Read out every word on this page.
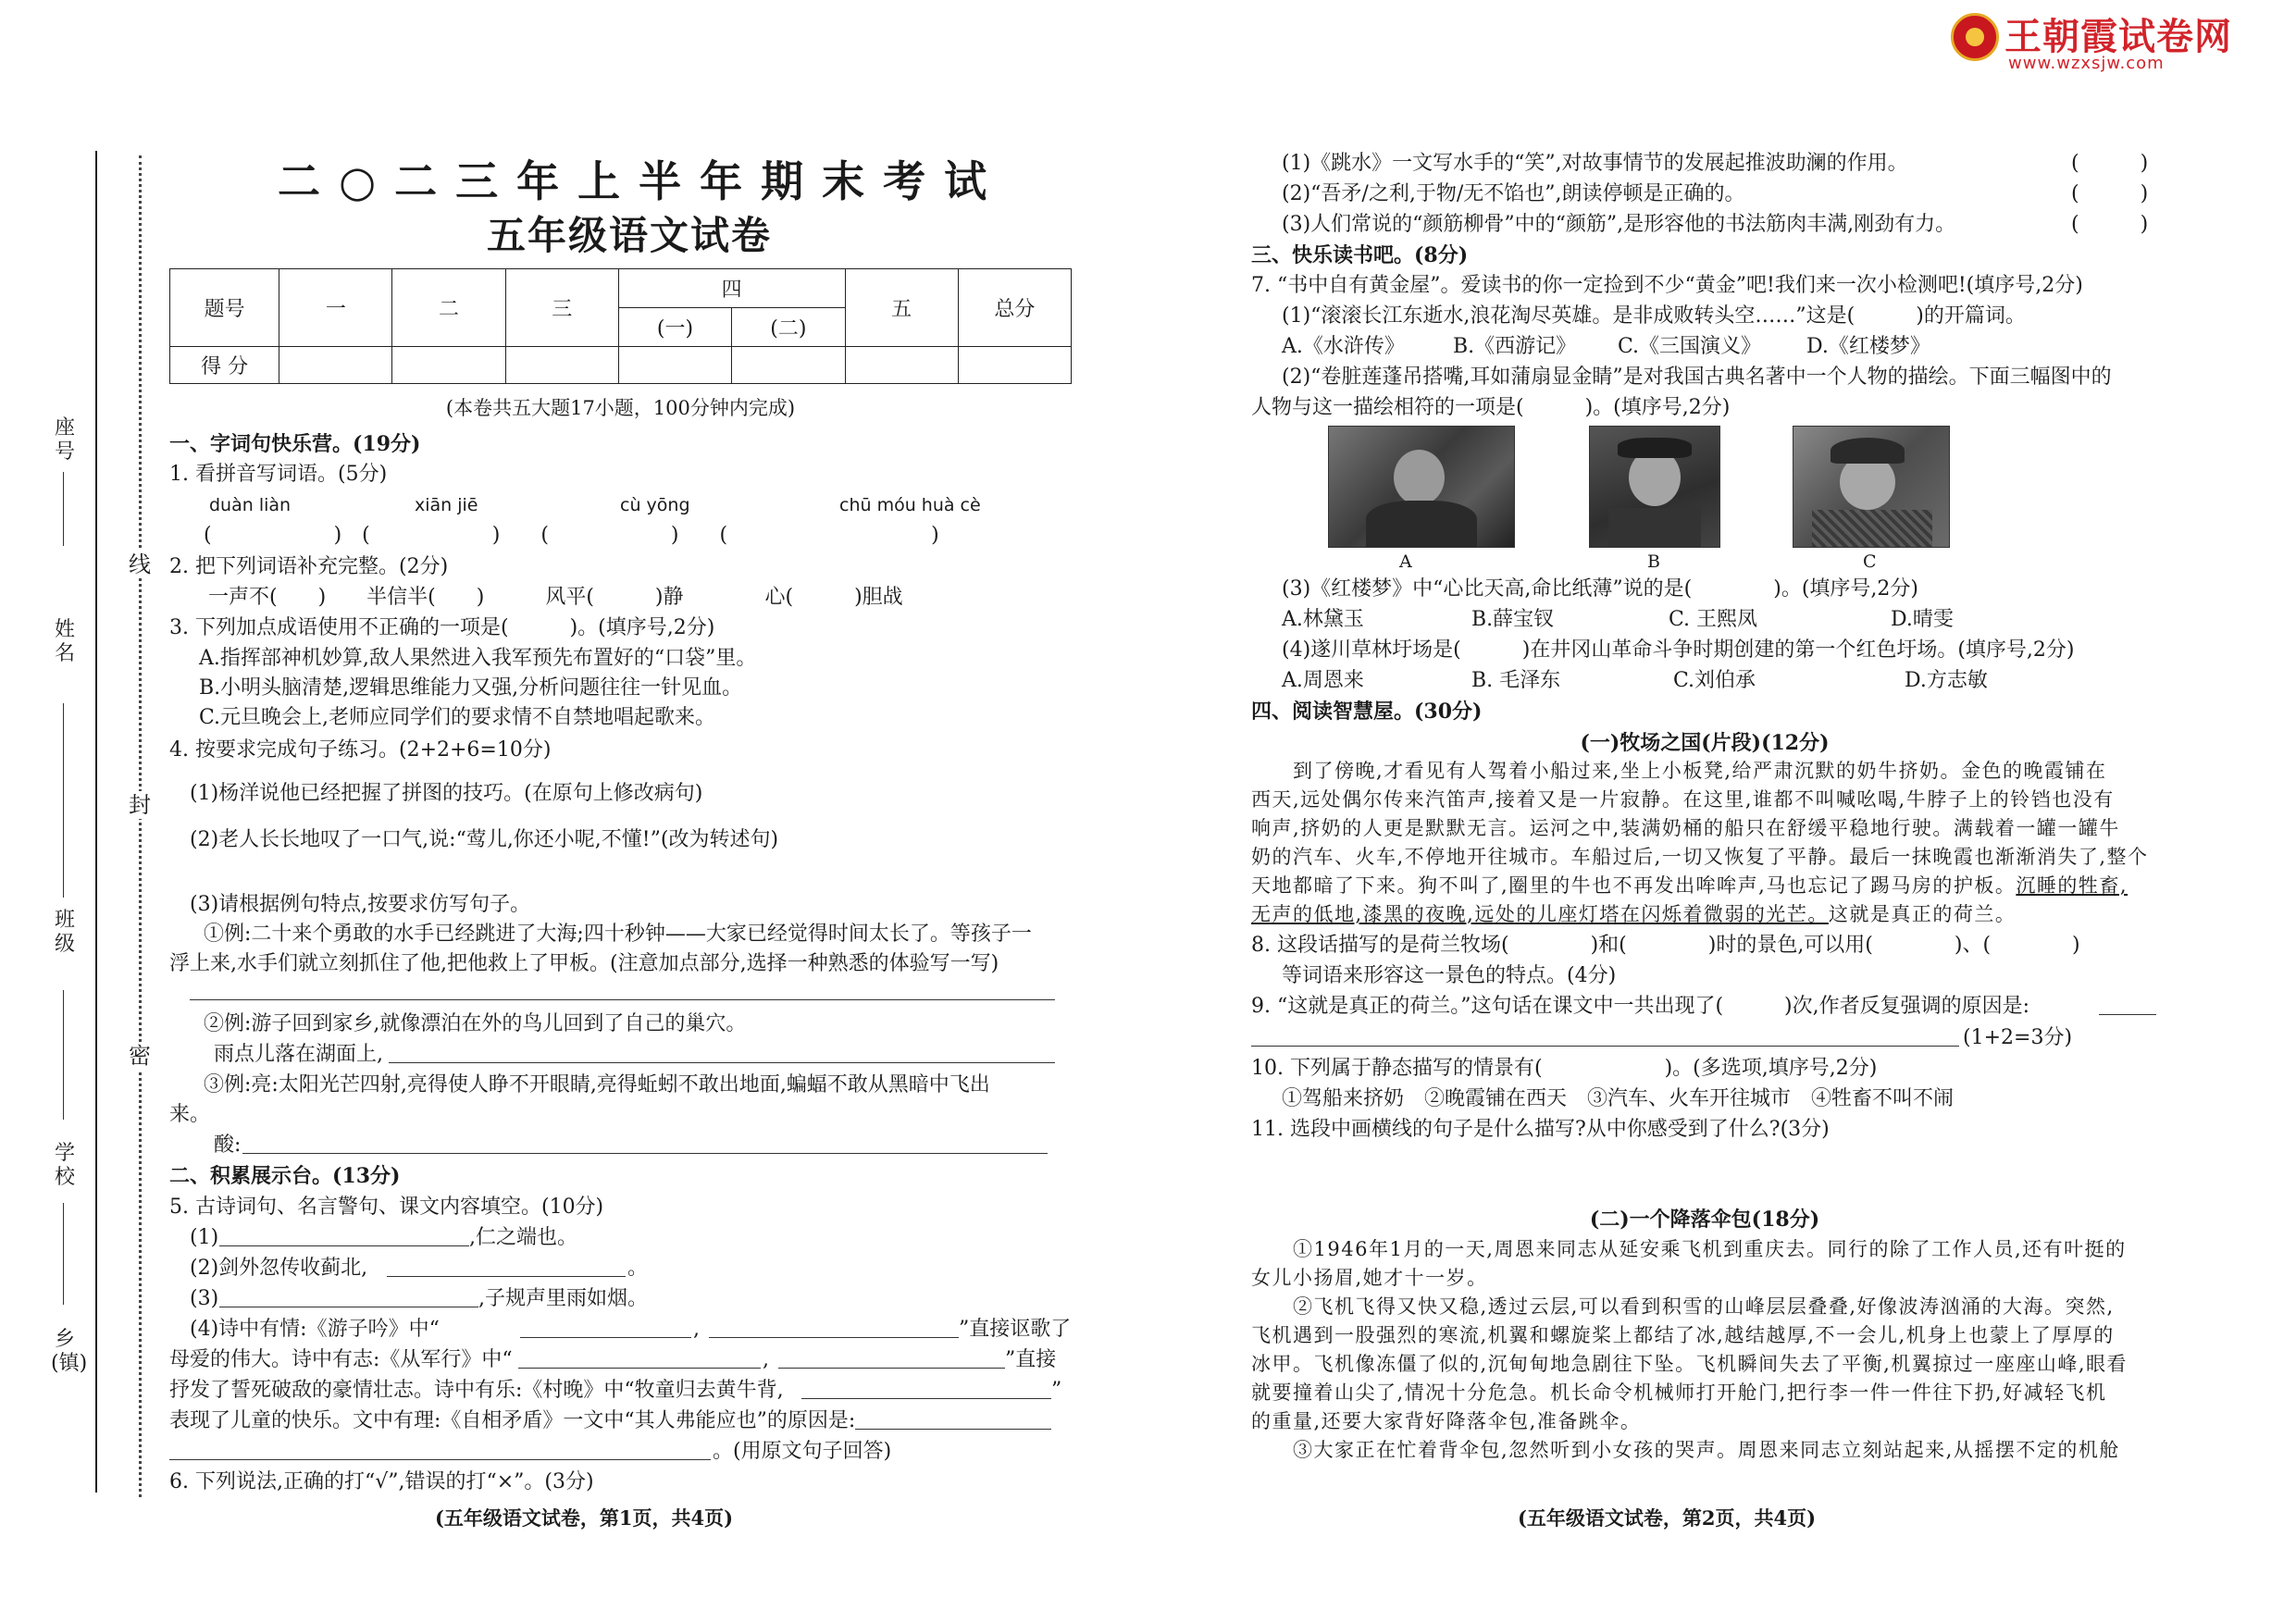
王朝霞试卷网
www.wzxsjw.com
座号
姓名
班级
学校
乡(镇)
线
封
密
二○二三年上半年期末考试
五年级语文试卷
题号	一	二	三	四		五	总分
				(一)	(二)		
得 分							
(本卷共五大题17小题，100分钟内完成)
一、字词句快乐营。(19分)
1. 看拼音写词语。(5分)
duàn liàn	xiān jiē	cù yōng	chū móu huà cè
(　　　　　　)　(　　　　　　)　　(　　　　　　)　　(　　　　　　　　　　)
2. 把下列词语补充完整。(2分)
一声不(　　)　　半信半(　　)　　　风平(　　　)静　　　　心(　　　)胆战
3. 下列加点成语使用不正确的一项是(　　　)。(填序号,2分)
A.指挥部神机妙算,敌人果然进入我军预先布置好的“口袋”里。
B.小明头脑清楚,逻辑思维能力又强,分析问题往往一针见血。
C.元旦晚会上,老师应同学们的要求情不自禁地唱起歌来。
4. 按要求完成句子练习。(2+2+6=10分)
(1)杨洋说他已经把握了拼图的技巧。(在原句上修改病句)
(2)老人长长地叹了一口气,说:“莺儿,你还小呢,不懂!”(改为转述句)
(3)请根据例句特点,按要求仿写句子。
①例:二十来个勇敢的水手已经跳进了大海;四十秒钟——大家已经觉得时间太长了。等孩子一
浮上来,水手们就立刻抓住了他,把他救上了甲板。(注意加点部分,选择一种熟悉的体验写一写)
②例:游子回到家乡,就像漂泊在外的鸟儿回到了自己的巢穴。
雨点儿落在湖面上,
③例:亮:太阳光芒四射,亮得使人睁不开眼睛,亮得蚯蚓不敢出地面,蝙蝠不敢从黑暗中飞出
来。
酸:
二、积累展示台。(13分)
5. 古诗词句、名言警句、课文内容填空。(10分)
(1)	,仁之端也。
(2)剑外忽传收蓟北,	。
(3)	,子规声里雨如烟。
(4)诗中有情:《游子吟》中“	,	”直接讴歌了
母爱的伟大。诗中有志:《从军行》中“	,	”直接
抒发了誓死破敌的豪情壮志。诗中有乐:《村晚》中“牧童归去黄牛背,	”
表现了儿童的快乐。文中有理:《自相矛盾》一文中“其人弗能应也”的原因是:
。(用原文句子回答)
6. 下列说法,正确的打“√”,错误的打“×”。(3分)
(五年级语文试卷，第1页，共4页)
(1)《跳水》一文写水手的“笑”,对故事情节的发展起推波助澜的作用。	(　　　)
(2)“吾矛/之利,于物/无不馅也”,朗读停顿是正确的。	(　　　)
(3)人们常说的“颜筋柳骨”中的“颜筋”,是形容他的书法筋肉丰满,刚劲有力。	(　　　)
三、快乐读书吧。(8分)
7. “书中自有黄金屋”。爱读书的你一定捡到不少“黄金”吧!我们来一次小检测吧!(填序号,2分)
(1)“滚滚长江东逝水,浪花淘尽英雄。是非成败转头空……”这是(　　　)的开篇词。
A.《水浒传》 B.《西游记》 C.《三国演义》 D.《红楼梦》
(2)“卷脏莲蓬吊搭嘴,耳如蒲扇显金睛”是对我国古典名著中一个人物的描绘。下面三幅图中的
人物与这一描绘相符的一项是(　　　)。(填序号,2分)
A	B	C
(3)《红楼梦》中“心比天高,命比纸薄”说的是(　　　　)。(填序号,2分)
A.林黛玉	B.薛宝钗	C. 王熙凤	D.晴雯
(4)遂川草林圩场是(　　　)在井冈山革命斗争时期创建的第一个红色圩场。(填序号,2分)
A.周恩来	B. 毛泽东	C.刘伯承	D.方志敏
四、阅读智慧屋。(30分)
(一)牧场之国(片段)(12分)
　　到了傍晚,才看见有人驾着小船过来,坐上小板凳,给严肃沉默的奶牛挤奶。金色的晚霞铺在
西天,远处偶尔传来汽笛声,接着又是一片寂静。在这里,谁都不叫喊吆喝,牛脖子上的铃铛也没有
响声,挤奶的人更是默默无言。运河之中,装满奶桶的船只在舒缓平稳地行驶。满载着一罐一罐牛
奶的汽车、火车,不停地开往城市。车船过后,一切又恢复了平静。最后一抹晚霞也渐渐消失了,整个
天地都暗了下来。狗不叫了,圈里的牛也不再发出哞哞声,马也忘记了踢马房的护板。沉睡的牲畜,
无声的低地,漆黑的夜晚,远处的儿座灯塔在闪烁着微弱的光芒。这就是真正的荷兰。
8. 这段话描写的是荷兰牧场(　　　　)和(　　　　)时的景色,可以用(　　　　)、(　　　　)
等词语来形容这一景色的特点。(4分)
9. “这就是真正的荷兰。”这句话在课文中一共出现了(　　　)次,作者反复强调的原因是:
(1+2=3分)
10. 下列属于静态描写的情景有(　　　　　　)。(多选项,填序号,2分)
①驾船来挤奶　②晚霞铺在西天　③汽车、火车开往城市　④牲畜不叫不闹
11. 选段中画横线的句子是什么描写?从中你感受到了什么?(3分)
(二)一个降落伞包(18分)
　　①1946年1月的一天,周恩来同志从延安乘飞机到重庆去。同行的除了工作人员,还有叶挺的
女儿小扬眉,她才十一岁。
　　②飞机飞得又快又稳,透过云层,可以看到积雪的山峰层层叠叠,好像波涛汹涌的大海。突然,
飞机遇到一股强烈的寒流,机翼和螺旋桨上都结了冰,越结越厚,不一会儿,机身上也蒙上了厚厚的
冰甲。飞机像冻僵了似的,沉甸甸地急剧往下坠。飞机瞬间失去了平衡,机翼掠过一座座山峰,眼看
就要撞着山尖了,情况十分危急。机长命令机械师打开舱门,把行李一件一件往下扔,好减轻飞机
的重量,还要大家背好降落伞包,准备跳伞。
　　③大家正在忙着背伞包,忽然听到小女孩的哭声。周恩来同志立刻站起来,从摇摆不定的机舱
(五年级语文试卷，第2页，共4页)
